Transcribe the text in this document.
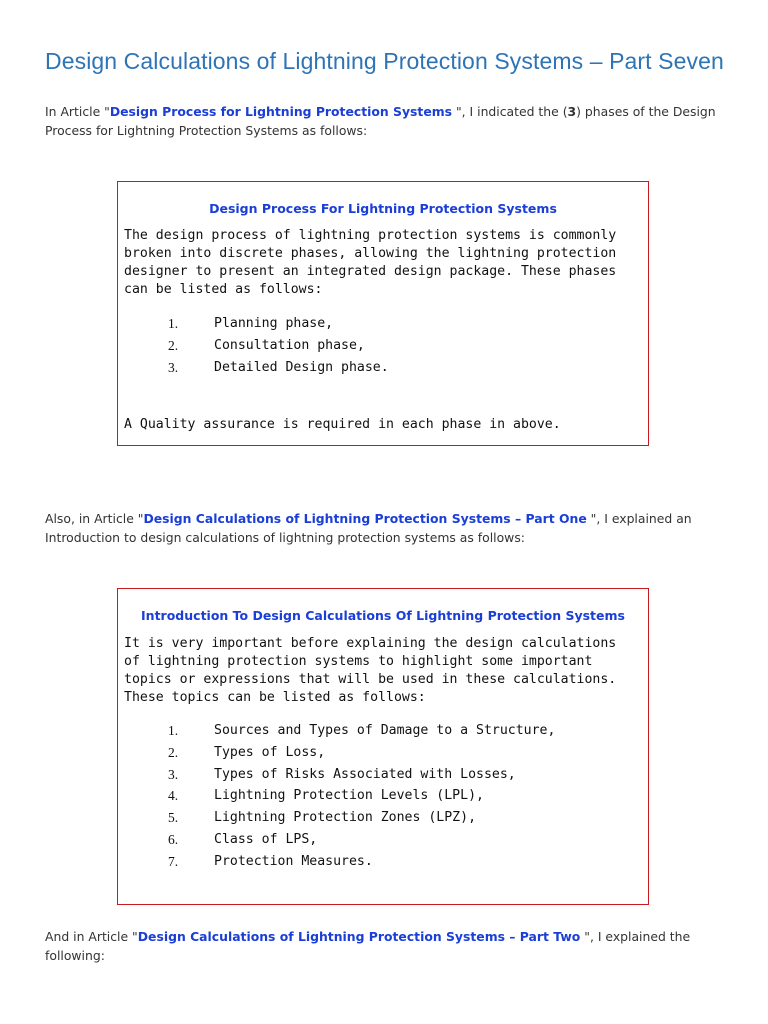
Design Calculations of Lightning Protection Systems – Part Seven

In Article "Design Process for Lightning Protection Systems ", I indicated the (3) phases of the Design Process for Lightning Protection Systems as follows:

Design Process For Lightning Protection Systems

The design process of lightning protection systems is commonly broken into discrete phases, allowing the lightning protection designer to present an integrated design package. These phases can be listed as follows:

1.	Planning phase,
2.	Consultation phase,
3.	Detailed Design phase.

A Quality assurance is required in each phase in above.

Also, in Article "Design Calculations of Lightning Protection Systems – Part One ", I explained an Introduction to design calculations of lightning protection systems as follows:

Introduction To Design Calculations Of Lightning Protection Systems

It is very important before explaining the design calculations of lightning protection systems to highlight some important topics or expressions that will be used in these calculations. These topics can be listed as follows:

1.	Sources and Types of Damage to a Structure,
2.	Types of Loss,
3.	Types of Risks Associated with Losses,
4.	Lightning Protection Levels (LPL),
5.	Lightning Protection Zones (LPZ),
6.	Class of LPS,
7.	Protection Measures.

And in Article "Design Calculations of Lightning Protection Systems – Part Two ", I explained the following:
